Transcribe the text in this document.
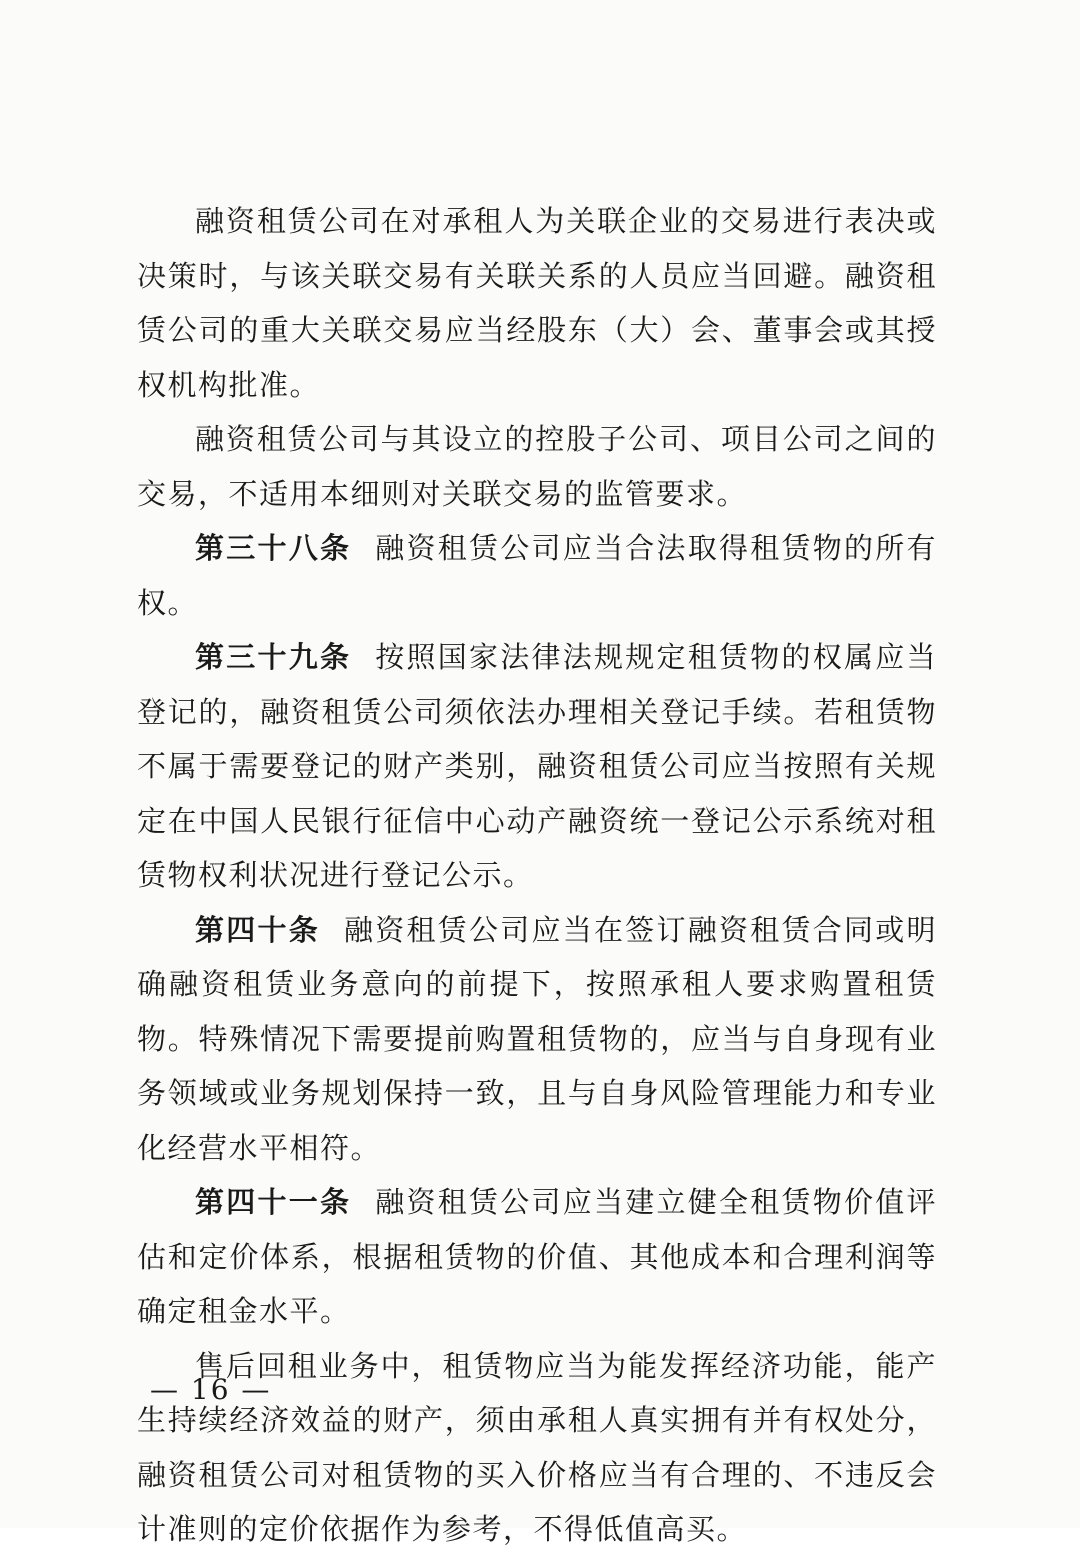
融资租赁公司在对承租人为关联企业的交易进行表决或决策时，与该关联交易有关联关系的人员应当回避。融资租赁公司的重大关联交易应当经股东（大）会、董事会或其授权机构批准。

融资租赁公司与其设立的控股子公司、项目公司之间的交易，不适用本细则对关联交易的监管要求。

第三十八条 融资租赁公司应当合法取得租赁物的所有权。

第三十九条 按照国家法律法规规定租赁物的权属应当登记的，融资租赁公司须依法办理相关登记手续。若租赁物不属于需要登记的财产类别，融资租赁公司应当按照有关规定在中国人民银行征信中心动产融资统一登记公示系统对租赁物权利状况进行登记公示。

第四十条 融资租赁公司应当在签订融资租赁合同或明确融资租赁业务意向的前提下，按照承租人要求购置租赁物。特殊情况下需要提前购置租赁物的，应当与自身现有业务领域或业务规划保持一致，且与自身风险管理能力和专业化经营水平相符。

第四十一条 融资租赁公司应当建立健全租赁物价值评估和定价体系，根据租赁物的价值、其他成本和合理利润等确定租金水平。

售后回租业务中，租赁物应当为能发挥经济功能，能产生持续经济效益的财产，须由承租人真实拥有并有权处分，融资租赁公司对租赁物的买入价格应当有合理的、不违反会计准则的定价依据作为参考，不得低值高买。

— 16 —
